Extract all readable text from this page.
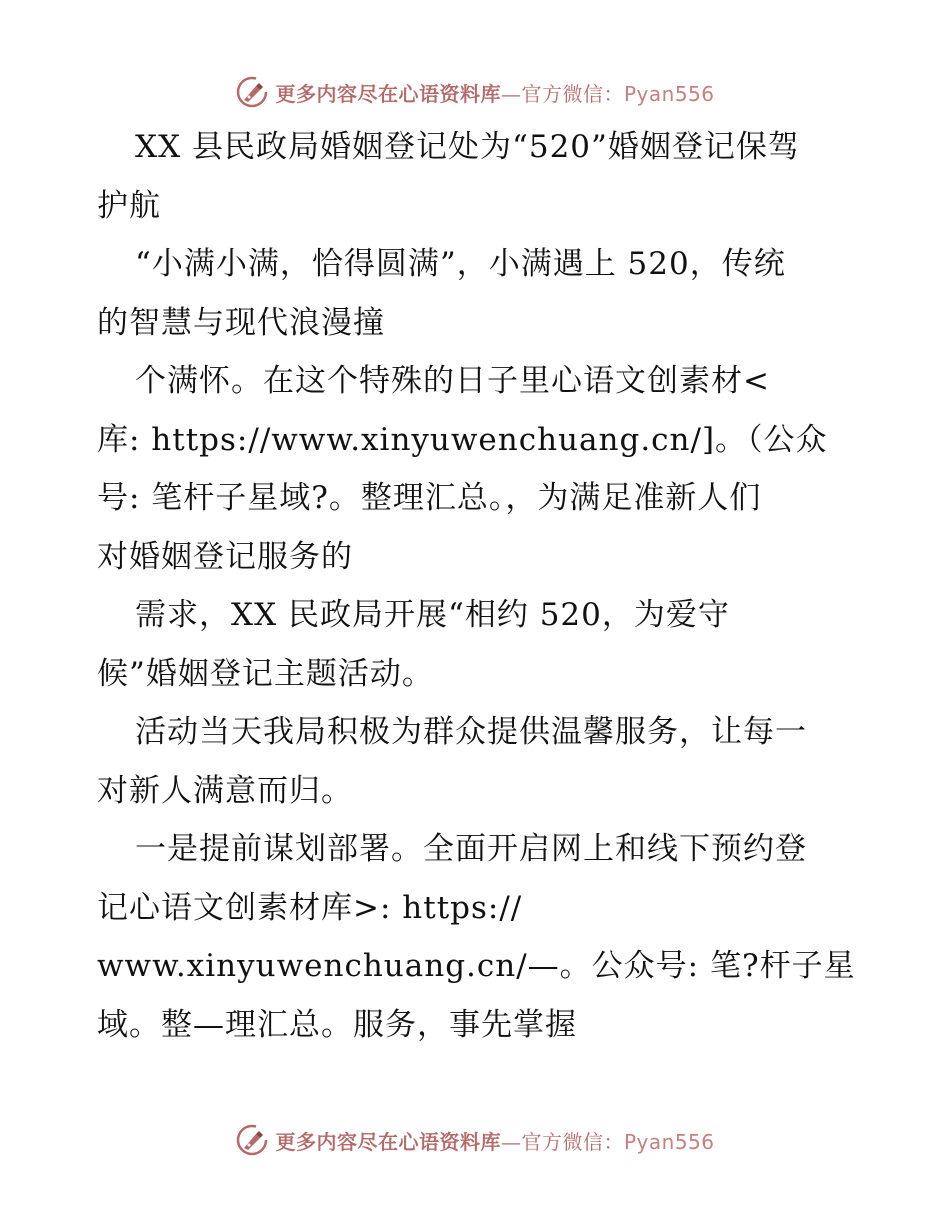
更多内容尽在心语资料库—官方微信：Pyan556
XX 县民政局婚姻登记处为“520”婚姻登记保驾
护航
“小满小满，恰得圆满”，小满遇上 520，传统
的智慧与现代浪漫撞
个满怀。在这个特殊的日子里心语文创素材<
库: https://www.xinyuwenchuang.cn/]。（公众
号: 笔杆子星域?。整理汇总。，为满足准新人们
对婚姻登记服务的
需求，XX 民政局开展“相约 520，为爱守
候”婚姻登记主题活动。
活动当天我局积极为群众提供温馨服务，让每一
对新人满意而归。
一是提前谋划部署。全面开启网上和线下预约登
记心语文创素材库>: https://
www.xinyuwenchuang.cn/—。公众号: 笔?杆子星
域。整—理汇总。服务，事先掌握
更多内容尽在心语资料库—官方微信：Pyan556
